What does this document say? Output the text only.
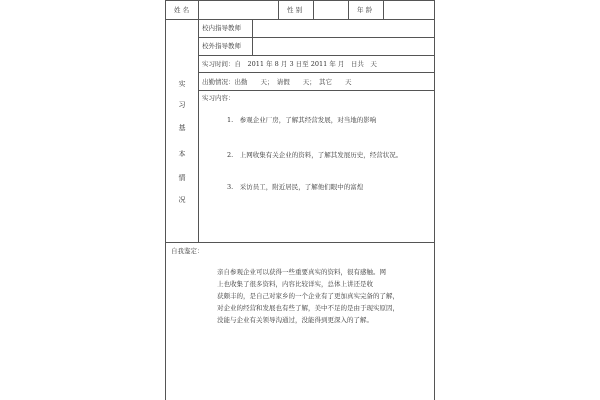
姓 名	性 别	年 龄
实
习
基
本
情
况
校内指导教师
校外指导教师
实习时间：自　2011 年 8 月 3 日至 2011 年 月　日共　天
出勤情况：出勤　　天；　请假　　天；　其它　　天
实习内容：
1.　参观企业厂房，了解其经营发展，对当地的影响
2.　上网收集有关企业的资料，了解其发展历史，经营状况。
3.　采访员工，附近居民，了解他们眼中的富煌
自我鉴定：
亲自参观企业可以获得一些重要真实的资料，很有感触。网
上也收集了很多资料，内容比较详实，总体上讲还是收
获颇丰的，是自己对家乡的一个企业有了更加真实完备的了解，
对企业的经营和发展也有些了解，美中不足的是由于现实原因，
没能与企业有关领导沟通过，没能得到更深入的了解。
